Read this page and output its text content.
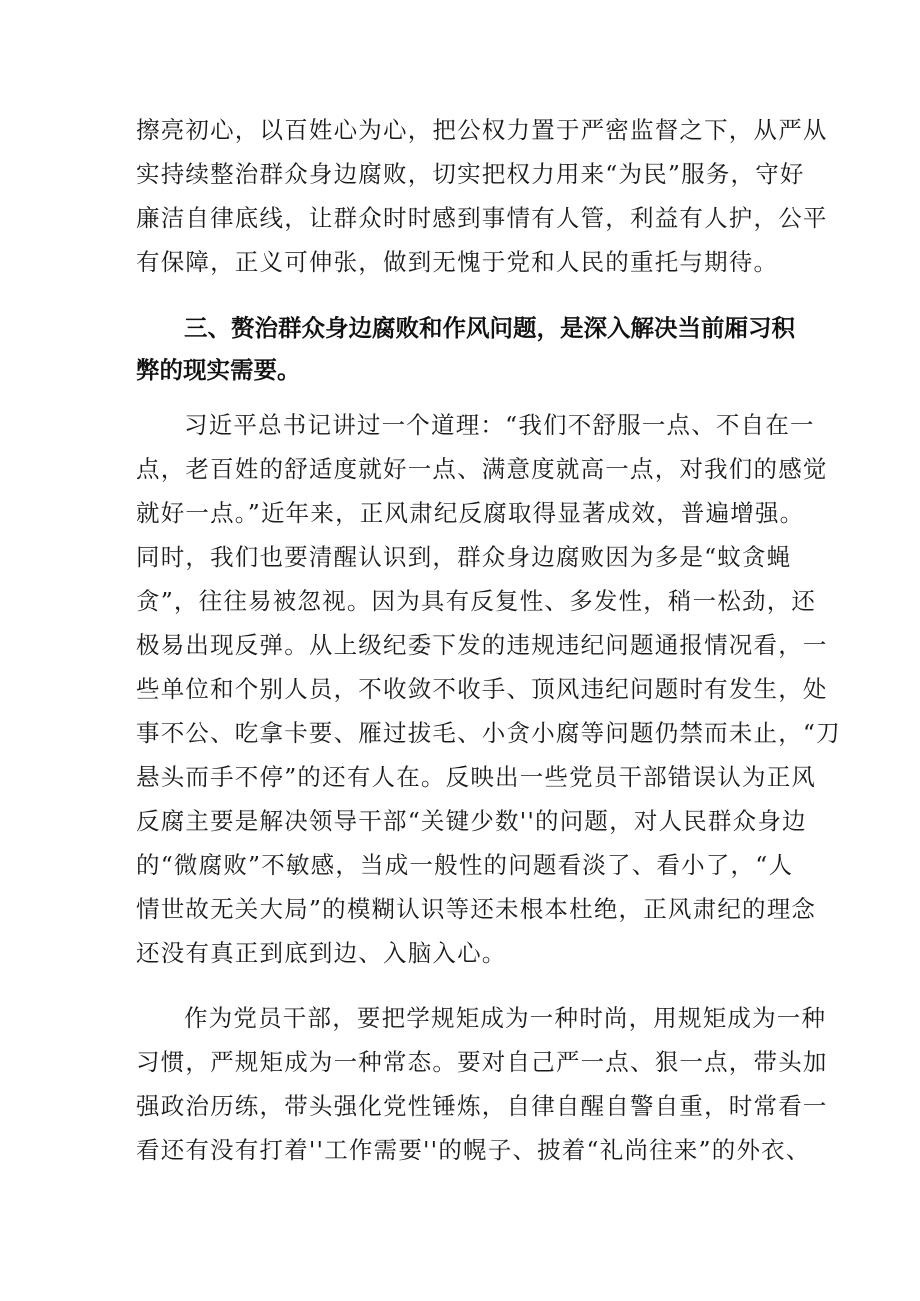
擦亮初心，以百姓心为心，把公权力置于严密监督之下，从严从
实持续整治群众身边腐败，切实把权力用来“为民”服务，守好
廉洁自律底线，让群众时时感到事情有人管，利益有人护，公平
有保障，正义可伸张，做到无愧于党和人民的重托与期待。
三、赘治群众身边腐败和作风问题，是深入解决当前厢习积
弊的现实需要。
习近平总书记讲过一个道理：“我们不舒服一点、不自在一
点，老百姓的舒适度就好一点、满意度就高一点，对我们的感觉
就好一点。”近年来，正风肃纪反腐取得显著成效，普遍增强。
同时，我们也要清醒认识到，群众身边腐败因为多是“蚊贪蝇
贪”，往往易被忽视。因为具有反复性、多发性，稍一松劲，还
极易出现反弹。从上级纪委下发的违规违纪问题通报情况看，一
些单位和个别人员，不收敛不收手、顶风违纪问题时有发生，处
事不公、吃拿卡要、雁过拔毛、小贪小腐等问题仍禁而未止，“刀
悬头而手不停”的还有人在。反映出一些党员干部错误认为正风
反腐主要是解决领导干部“关键少数''的问题，对人民群众身边
的“微腐败”不敏感，当成一般性的问题看淡了、看小了，“人
情世故无关大局”的模糊认识等还未根本杜绝，正风肃纪的理念
还没有真正到底到边、入脑入心。
作为党员干部，要把学规矩成为一种时尚，用规矩成为一种
习惯，严规矩成为一种常态。要对自己严一点、狠一点，带头加
强政治历练，带头强化党性锤炼，自律自醒自警自重，时常看一
看还有没有打着''工作需要''的幌子、披着“礼尚往来”的外衣、
